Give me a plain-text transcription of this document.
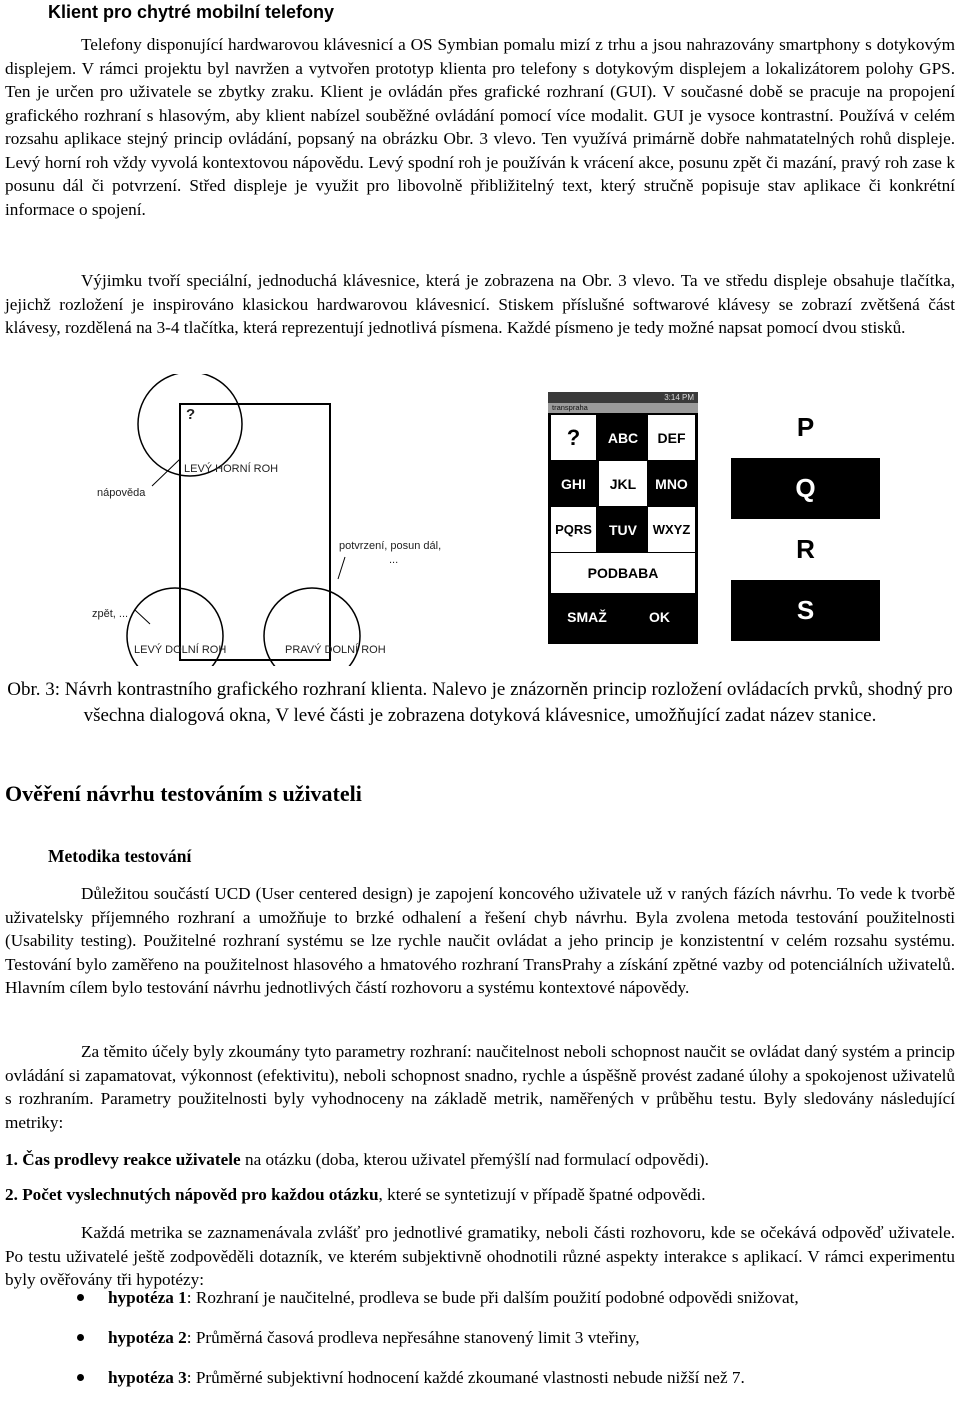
Klient pro chytré mobilní telefony

Telefony disponující hardwarovou klávesnicí a OS Symbian pomalu mizí z trhu a jsou nahrazovány smartphony s dotykovým displejem. V rámci projektu byl navržen a vytvořen prototyp klienta pro telefony s dotykovým displejem a lokalizátorem polohy GPS. Ten je určen pro uživatele se zbytky zraku. Klient je ovládán přes grafické rozhraní (GUI). V současné době se pracuje na propojení grafického rozhraní s hlasovým, aby klient nabízel souběžné ovládání pomocí více modalit. GUI je vysoce kontrastní. Používá v celém rozsahu aplikace stejný princip ovládání, popsaný na obrázku Obr. 3 vlevo. Ten využívá primárně dobře nahmatatelných rohů displeje. Levý horní roh vždy vyvolá kontextovou nápovědu. Levý spodní roh je používán k vrácení akce, posunu zpět či mazání, pravý roh zase k posunu dál či potvrzení. Střed displeje je využit pro libovolně přibližitelný text, který stručně popisuje stav aplikace či konkrétní informace o spojení.

Výjimku tvoří speciální, jednoduchá klávesnice, která je zobrazena na Obr. 3 vlevo. Ta ve středu displeje obsahuje tlačítka, jejichž rozložení je inspirováno klasickou hardwarovou klávesnicí. Stiskem příslušné softwarové klávesy se zobrazí zvětšená část klávesy, rozdělená na 3-4 tlačítka, která reprezentují jednotlivá písmena. Každé písmeno je tedy možné napsat pomocí dvou stisků.

?
LEVÝ HORNÍ ROH
nápověda
potvrzení, posun dál,
...
zpět, ...
LEVÝ DOLNÍ ROH	PRAVÝ DOLNÍ ROH
3:14 PM
transpraha
?	ABC	DEF
GHI	JKL	MNO
PQRS	TUV	WXYZ
PODBABA
SMAŽ	OK
P
Q
R
S

Obr. 3: Návrh kontrastního grafického rozhraní klienta. Nalevo je znázorněn princip rozložení ovládacích prvků, shodný pro všechna dialogová okna, V levé části je zobrazena dotyková klávesnice, umožňující zadat název stanice.

Ověření návrhu testováním s uživateli
Metodika testování

Důležitou součástí UCD (User centered design) je zapojení koncového uživatele už v raných fázích návrhu. To vede k tvorbě uživatelsky příjemného rozhraní a umožňuje to brzké odhalení a řešení chyb návrhu. Byla zvolena metoda testování použitelnosti (Usability testing). Použitelné rozhraní systému se lze rychle naučit ovládat a jeho princip je konzistentní v celém rozsahu systému. Testování bylo zaměřeno na použitelnost hlasového a hmatového rozhraní TransPrahy a získání zpětné vazby od potenciálních uživatelů. Hlavním cílem bylo testování návrhu jednotlivých částí rozhovoru a systému kontextové nápovědy.

Za těmito účely byly zkoumány tyto parametry rozhraní: naučitelnost neboli schopnost naučit se ovládat daný systém a princip ovládání si zapamatovat, výkonnost (efektivitu), neboli schopnost snadno, rychle a úspěšně provést zadané úlohy a spokojenost uživatelů s rozhraním. Parametry použitelnosti byly vyhodnoceny na základě metrik, naměřených v průběhu testu. Byly sledovány následující metriky:

1. Čas prodlevy reakce uživatele na otázku (doba, kterou uživatel přemýšlí nad formulací odpovědi).

2. Počet vyslechnutých nápověd pro každou otázku, které se syntetizují v případě špatné odpovědi.

Každá metrika se zaznamenávala zvlášť pro jednotlivé gramatiky, neboli části rozhovoru, kde se očekává odpověď uživatele. Po testu uživatelé ještě zodpověděli dotazník, ve kterém subjektivně ohodnotili různé aspekty interakce s aplikací. V rámci experimentu byly ověřovány tři hypotézy:

hypotéza 1: Rozhraní je naučitelné, prodleva se bude při dalším použití podobné odpovědi snižovat,
hypotéza 2: Průměrná časová prodleva nepřesáhne stanovený limit 3 vteřiny,
hypotéza 3: Průměrné subjektivní hodnocení každé zkoumané vlastnosti nebude nižší než 7.
